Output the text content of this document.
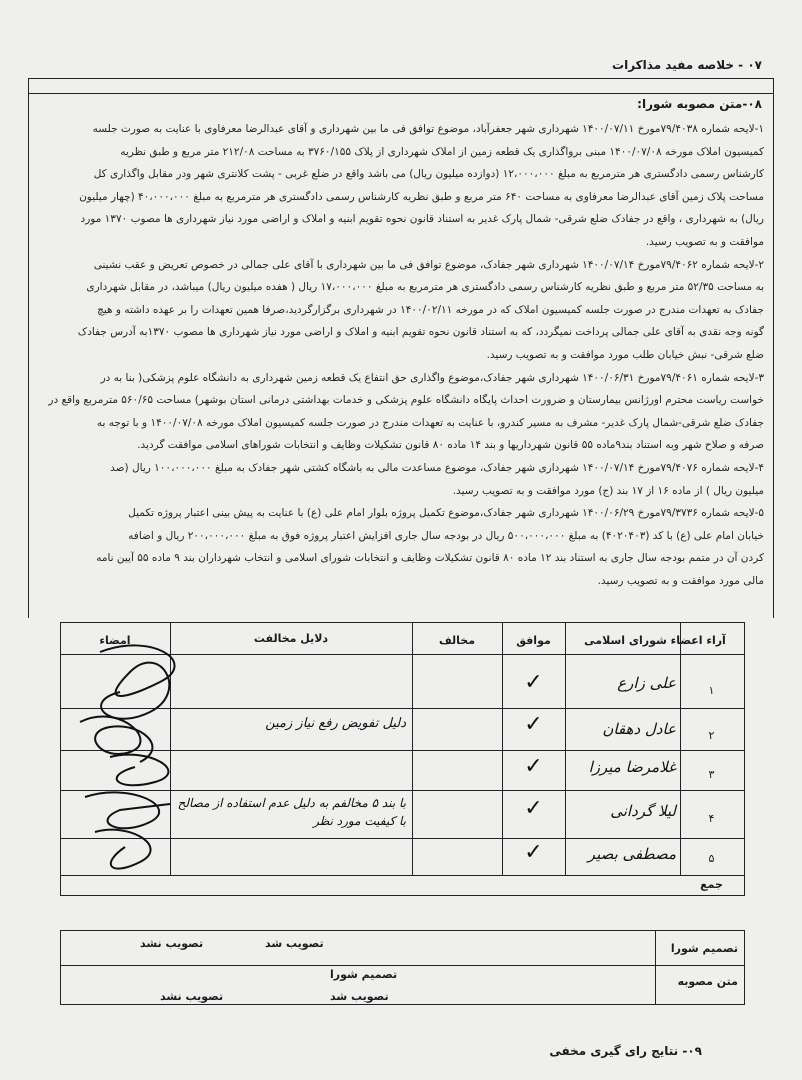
۰۷ - خلاصه مفید مذاکرات
۰۸-متن مصوبه شورا:
۱-لایحه شماره ۷۹/۴۰۳۸مورخ ۱۴۰۰/۰۷/۱۱ شهرداری شهر جعفرآباد، موضوع توافق فی ما بین شهرداری و آقای عبدالرضا معرفاوی با عنایت به صورت جلسه
کمیسیون املاک مورخه ۱۴۰۰/۰۷/۰۸ مبنی برواگذاری یک قطعه زمین از املاک شهرداری از پلاک ۳۷۶۰/۱۵۵ به مساحت ۲۱۲/۰۸ متر مربع و طبق نظریه
کارشناس رسمی دادگستری هر مترمربع به مبلغ ۱۲،۰۰۰،۰۰۰ (دوازده میلیون ریال) می باشد واقع در ضلع غربی - پشت کلانتری شهر ودر مقابل واگذاری کل
مساحت پلاک زمین آقای عبدالرضا معرفاوی به مساحت ۶۴۰ متر مربع و طبق نظریه کارشناس رسمی دادگستری هر مترمربع به مبلغ ۴۰،۰۰۰،۰۰۰ (چهار میلیون
ریال) به شهرداری ، واقع در جفادک ضلع شرقی- شمال پارک غدیر به استناد قانون نحوه تقویم ابنیه و املاک و اراضی مورد نیاز شهرداری ها مصوب ۱۳۷۰ مورد
موافقت و به تصویب رسید.
۲-لایحه شماره ۷۹/۴۰۶۲مورخ ۱۴۰۰/۰۷/۱۴ شهرداری شهر جفادک، موضوع توافق فی ما بین شهرداری با آقای علی جمالی در خصوص تعریض و عقب نشینی
به مساحت ۵۲/۳۵ متر مربع و طبق نظریه کارشناس رسمی دادگستری هر مترمربع به مبلغ ۱۷،۰۰۰،۰۰۰ ریال ( هفده میلیون ریال) میباشد، در مقابل شهرداری
جفادک به تعهدات مندرج در صورت جلسه کمیسیون املاک که در مورخه ۱۴۰۰/۰۲/۱۱ در شهرداری برگزارگردید،صرفا همین تعهدات را بر عهده داشته و هیچ
گونه وجه نقدی به آقای علی جمالی پرداخت نمیگردد، که به استناد قانون نحوه تقویم ابنیه و املاک و اراضی مورد نیاز شهرداری ها مصوب ۱۳۷۰به آدرس جفادک
ضلع شرقی- نبش خیابان طلب مورد موافقت و به تصویب رسید.
۳-لایحه شماره ۷۹/۴۰۶۱مورخ ۱۴۰۰/۰۶/۳۱ شهرداری شهر جفادک،موضوع واگذاری حق انتفاع یک قطعه زمین شهرداری به دانشگاه علوم پزشکی( بنا به در
خواست ریاست محترم اورژانس بیمارستان و ضرورت احداث پایگاه دانشگاه علوم پزشکی و خدمات بهداشتی درمانی استان بوشهر) مساحت ۵۶۰/۶۵ مترمربع واقع در
جفادک ضلع شرقی-شمال پارک غدیر- مشرف به مسیر کندرو، با عنایت به تعهدات مندرج در صورت جلسه کمیسیون املاک مورخه ۱۴۰۰/۰۷/۰۸ و با توجه به
صرفه و صلاح شهر وبه استناد بند۹ماده ۵۵ قانون شهرداریها و بند ۱۴ ماده ۸۰ قانون تشکیلات وظایف و انتخابات شوراهای اسلامی موافقت گردید.
۴-لایحه شماره ۷۹/۴۰۷۶مورخ ۱۴۰۰/۰۷/۱۴ شهرداری شهر جفادک، موضوع مساعدت مالی به باشگاه کشتی شهر جفادک به مبلغ ۱۰۰،۰۰۰،۰۰۰ ریال (صد
میلیون ریال ) از ماده ۱۶ از ۱۷ بند (ج) مورد موافقت و به تصویب رسید.
۵-لایحه شماره ۷۹/۳۷۳۶مورخ ۱۴۰۰/۰۶/۲۹ شهرداری شهر جفادک،موضوع تکمیل پروژه بلوار امام علی (ع) با عنایت به پیش بینی اعتبار پروژه تکمیل
خیابان امام علی (ع) با کد (۴۰۲۰۴۰۳) به مبلغ ۵۰۰،۰۰۰،۰۰۰ ریال در بودجه سال جاری افزایش اعتبار پروژه فوق به مبلغ ۲۰۰،۰۰۰،۰۰۰ ریال و اضافه
کردن آن در متمم بودجه سال جاری به استناد بند ۱۲ ماده ۸۰ قانون تشکیلات وظایف و انتخابات شورای اسلامی و انتخاب شهرداران بند ۹ ماده ۵۵ آیین نامه
مالی مورد موافقت و به تصویب رسید.
آراء اعضاء شورای اسلامی
موافق
مخالف
دلایل مخالفت
امضاء
۱
علی زارع
✓
۲
عادل دهقان
✓
دلیل تفویض رفع نیاز زمین
۳
غلامرضا میرزا
✓
۴
لیلا گردانی
✓
با بند ۵ مخالفم به دلیل عدم استفاده از مصالح با کیفیت مورد نظر
۵
مصطفی بصیر
✓
جمع
تصمیم شورا
تصویب شد
تصویب نشد
متن مصوبه
تصمیم شورا
تصویب شد
تصویب نشد
۰۹- نتایج رای گیری مخفی
